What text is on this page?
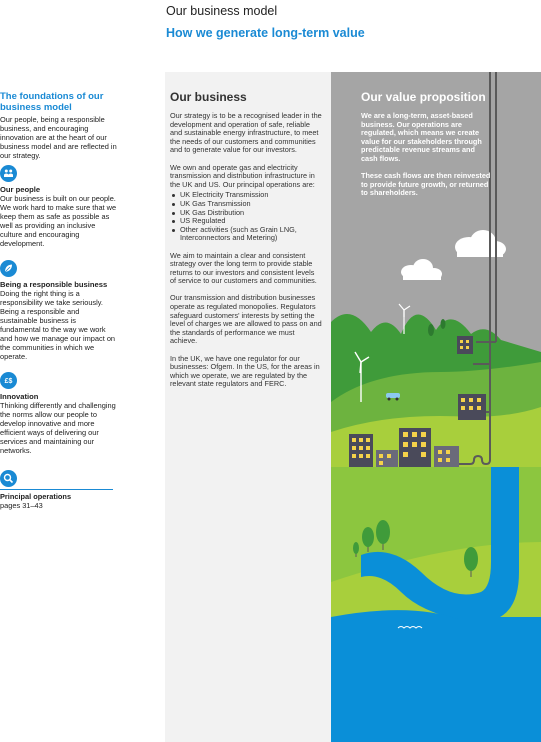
Our business model
How we generate long-term value

The foundations of our business model

Our people, being a responsible business, and encouraging innovation are at the heart of our business model and are reflected in our strategy.

Our people

Our business is built on our people. We work hard to make sure that we keep them as safe as possible as well as providing an inclusive culture and encouraging development.

Being a responsible business

Doing the right thing is a responsibility we take seriously. Being a responsible and sustainable business is fundamental to the way we work and how we manage our impact on the communities in which we operate.

£$

Innovation

Thinking differently and challenging the norms allow our people to develop innovative and more efficient ways of delivering our services and maintaining our networks.

Principal operations
pages 31–43
Our business

Our strategy is to be a recognised leader in the development and operation of safe, reliable and sustainable energy infrastructure, to meet the needs of our customers and communities and to generate value for our investors.

We own and operate gas and electricity transmission and distribution infrastructure in the UK and US. Our principal operations are:

UK Electricity Transmission
UK Gas Transmission
UK Gas Distribution
US Regulated
Other activities (such as Grain LNG, Interconnectors and Metering)

We aim to maintain a clear and consistent strategy over the long term to provide stable returns to our investors and consistent levels of service to our customers and communities.

Our transmission and distribution businesses operate as regulated monopolies. Regulators safeguard customers' interests by setting the level of charges we are allowed to pass on and the standards of performance we must achieve.

In the UK, we have one regulator for our businesses: Ofgem. In the US, for the areas in which we operate, we are regulated by the relevant state regulators and FERC.

Our value proposition

We are a long-term, asset-based business. Our operations are regulated, which means we create value for our stakeholders through predictable revenue streams and cash flows.

These cash flows are then reinvested to provide future growth, or returned to shareholders.
